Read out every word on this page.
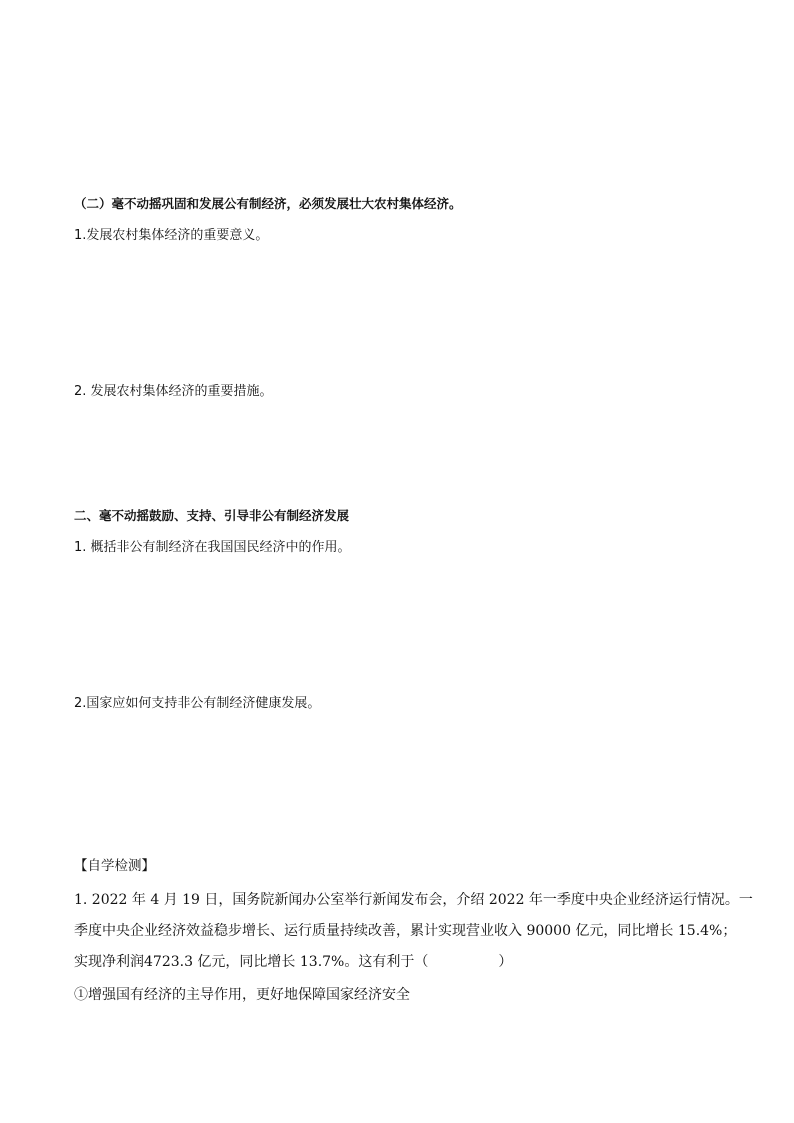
（二）毫不动摇巩固和发展公有制经济，必须发展壮大农村集体经济。
1.发展农村集体经济的重要意义。
2. 发展农村集体经济的重要措施。
二、毫不动摇鼓励、支持、引导非公有制经济发展
1. 概括非公有制经济在我国国民经济中的作用。
2.国家应如何支持非公有制经济健康发展。
【自学检测】
1. 2022 年 4 月 19 日，国务院新闻办公室举行新闻发布会，介绍 2022 年一季度中央企业经济运行情况。一
季度中央企业经济效益稳步增长、运行质量持续改善，累计实现营业收入 90000 亿元，同比增长 15.4%；
实现净利润4723.3 亿元，同比增长 13.7%。这有利于（　　　　　）
①增强国有经济的主导作用，更好地保障国家经济安全
